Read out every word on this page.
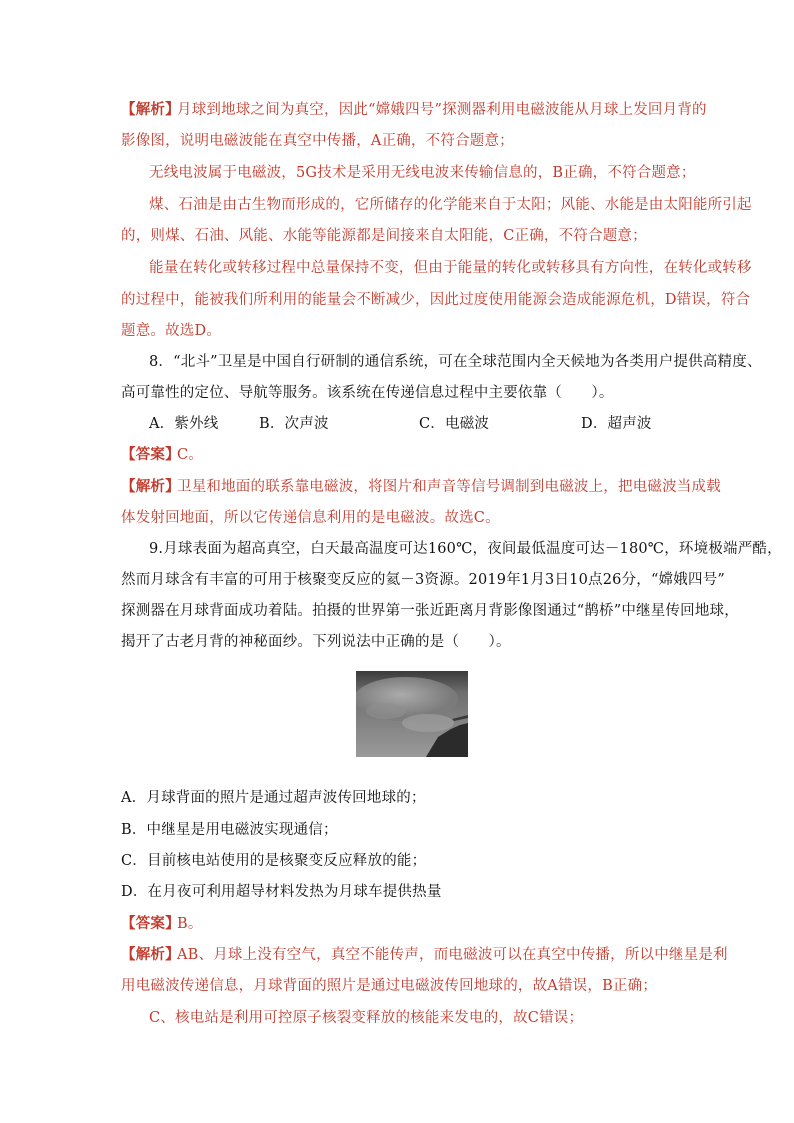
【解析】
月球到地球之间为真空，因此“嫦娥四号”探测器利用电磁波能从月球上发回月背的
影像图，说明电磁波能在真空中传播，A正确，不符合题意；
无线电波属于电磁波，5G技术是采用无线电波来传输信息的，B正确，不符合题意；
煤、石油是由古生物而形成的，它所储存的化学能来自于太阳；风能、水能是由太阳能所引起
的，则煤、石油、风能、水能等能源都是间接来自太阳能，C正确，不符合题意；
能量在转化或转移过程中总量保持不变，但由于能量的转化或转移具有方向性，在转化或转移
的过程中，能被我们所利用的能量会不断减少，因此过度使用能源会造成能源危机，D错误，符合
题意。故选D。
8．“北斗”卫星是中国自行研制的通信系统，可在全球范围内全天候地为各类用户提供高精度、
高可靠性的定位、导航等服务。该系统在传递信息过程中主要依靠（　　）。
A．紫外线	B．次声波	C．电磁波	D．超声波
【答案】
C。
【解析】
卫星和地面的联系靠电磁波，将图片和声音等信号调制到电磁波上，把电磁波当成载
体发射回地面，所以它传递信息利用的是电磁波。故选C。
9.月球表面为超高真空，白天最高温度可达160℃，夜间最低温度可达－180℃，环境极端严酷，
然而月球含有丰富的可用于核聚变反应的氦－3资源。2019年1月3日10点26分，“嫦娥四号”
探测器在月球背面成功着陆。拍摄的世界第一张近距离月背影像图通过“鹊桥”中继星传回地球，
揭开了古老月背的神秘面纱。下列说法中正确的是（　　）。
A．月球背面的照片是通过超声波传回地球的；
B．中继星是用电磁波实现通信；
C．目前核电站使用的是核聚变反应释放的能；
D．在月夜可利用超导材料发热为月球车提供热量
【答案】
B。
【解析】
AB、月球上没有空气，真空不能传声，而电磁波可以在真空中传播，所以中继星是利
用电磁波传递信息，月球背面的照片是通过电磁波传回地球的，故A错误，B正确；
C、核电站是利用可控原子核裂变释放的核能来发电的，故C错误；
